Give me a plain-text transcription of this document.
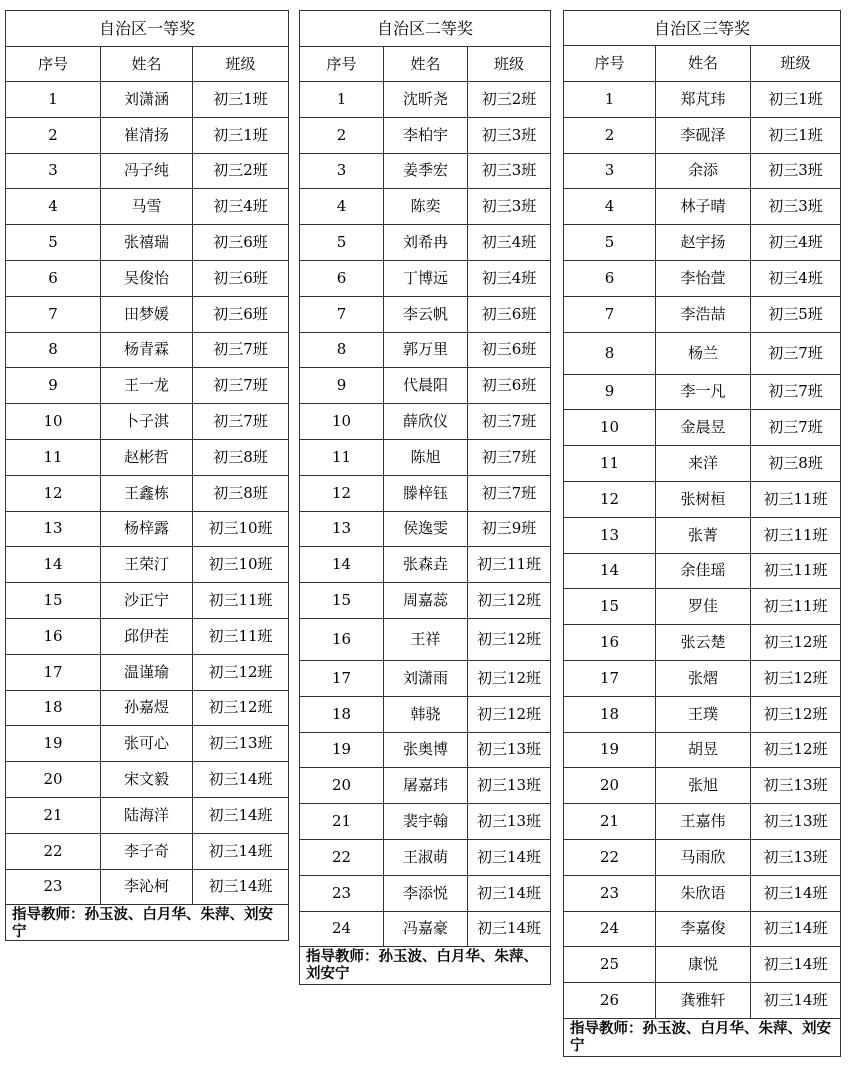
自治区一等奖		
序号	姓名	班级
1	刘潇涵	初三1班
2	崔清扬	初三1班
3	冯子纯	初三2班
4	马雪	初三4班
5	张禧瑞	初三6班
6	吴俊怡	初三6班
7	田梦媛	初三6班
8	杨青霖	初三7班
9	王一龙	初三7班
10	卜子淇	初三7班
11	赵彬哲	初三8班
12	王鑫栋	初三8班
13	杨梓露	初三10班
14	王荣汀	初三10班
15	沙正宁	初三11班
16	邱伊茬	初三11班
17	温谨瑜	初三12班
18	孙嘉煜	初三12班
19	张可心	初三13班
20	宋文毅	初三14班
21	陆海洋	初三14班
22	李子奇	初三14班
23	李沁柯	初三14班
指导教师：孙玉波、白月华、朱萍、刘安宁		
自治区二等奖		
序号	姓名	班级
1	沈昕尧	初三2班
2	李柏宇	初三3班
3	姜季宏	初三3班
4	陈奕	初三3班
5	刘希冉	初三4班
6	丁博远	初三4班
7	李云帆	初三6班
8	郭万里	初三6班
9	代晨阳	初三6班
10	薛欣仪	初三7班
11	陈旭	初三7班
12	滕梓钰	初三7班
13	侯逸雯	初三9班
14	张森垚	初三11班
15	周嘉蕊	初三12班
16	王祥	初三12班
17	刘潇雨	初三12班
18	韩骁	初三12班
19	张奥博	初三13班
20	屠嘉玮	初三13班
21	裴宇翰	初三13班
22	王淑萌	初三14班
23	李添悦	初三14班
24	冯嘉豪	初三14班
指导教师：孙玉波、白月华、朱萍、刘安宁		
自治区三等奖		
序号	姓名	班级
1	郑芃玮	初三1班
2	李砚泽	初三1班
3	余添	初三3班
4	林子晴	初三3班
5	赵宇扬	初三4班
6	李怡萱	初三4班
7	李浩喆	初三5班
8	杨兰	初三7班
9	李一凡	初三7班
10	金晨昱	初三7班
11	来洋	初三8班
12	张树桓	初三11班
13	张菁	初三11班
14	余佳瑶	初三11班
15	罗佳	初三11班
16	张云楚	初三12班
17	张熠	初三12班
18	王璞	初三12班
19	胡昱	初三12班
20	张旭	初三13班
21	王嘉伟	初三13班
22	马雨欣	初三13班
23	朱欣语	初三14班
24	李嘉俊	初三14班
25	康悦	初三14班
26	龚雅轩	初三14班
指导教师：孙玉波、白月华、朱萍、刘安宁		
